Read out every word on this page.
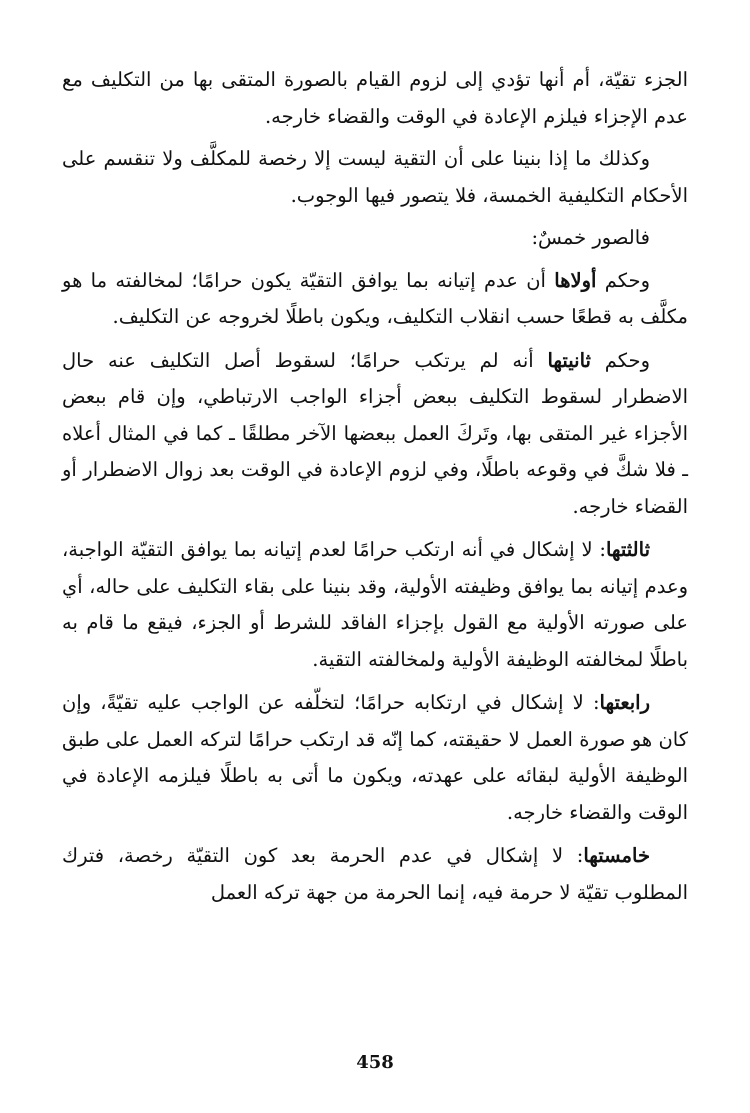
الجزء تقيّة، أم أنها تؤدي إلى لزوم القيام بالصورة المتقى بها من التكليف مع عدم الإجزاء فيلزم الإعادة في الوقت والقضاء خارجه.

وكذلك ما إذا بنينا على أن التقية ليست إلا رخصة للمكلَّف ولا تنقسم على الأحكام التكليفية الخمسة، فلا يتصور فيها الوجوب.

فالصور خمسٌ:

وحكم أولاها أن عدم إتيانه بما يوافق التقيّة يكون حرامًا؛ لمخالفته ما هو مكلَّف به قطعًا حسب انقلاب التكليف، ويكون باطلًا لخروجه عن التكليف.

وحكم ثانيتها أنه لم يرتكب حرامًا؛ لسقوط أصل التكليف عنه حال الاضطرار لسقوط التكليف ببعض أجزاء الواجب الارتباطي، وإن قام ببعض الأجزاء غير المتقى بها، وتَركَ العمل ببعضها الآخر مطلقًا ـ كما في المثال أعلاه ـ فلا شكَّ في وقوعه باطلًا، وفي لزوم الإعادة في الوقت بعد زوال الاضطرار أو القضاء خارجه.

ثالثتها: لا إشكال في أنه ارتكب حرامًا لعدم إتيانه بما يوافق التقيّة الواجبة، وعدم إتيانه بما يوافق وظيفته الأولية، وقد بنينا على بقاء التكليف على حاله، أي على صورته الأولية مع القول بإجزاء الفاقد للشرط أو الجزء، فيقع ما قام به باطلًا لمخالفته الوظيفة الأولية ولمخالفته التقية.

رابعتها: لا إشكال في ارتكابه حرامًا؛ لتخلّفه عن الواجب عليه تقيّةً، وإن كان هو صورة العمل لا حقيقته، كما إنّه قد ارتكب حرامًا لتركه العمل على طبق الوظيفة الأولية لبقائه على عهدته، ويكون ما أتى به باطلًا فيلزمه الإعادة في الوقت والقضاء خارجه.

خامستها: لا إشكال في عدم الحرمة بعد كون التقيّة رخصة، فترك المطلوب تقيّة لا حرمة فيه، إنما الحرمة من جهة تركه العمل

458
